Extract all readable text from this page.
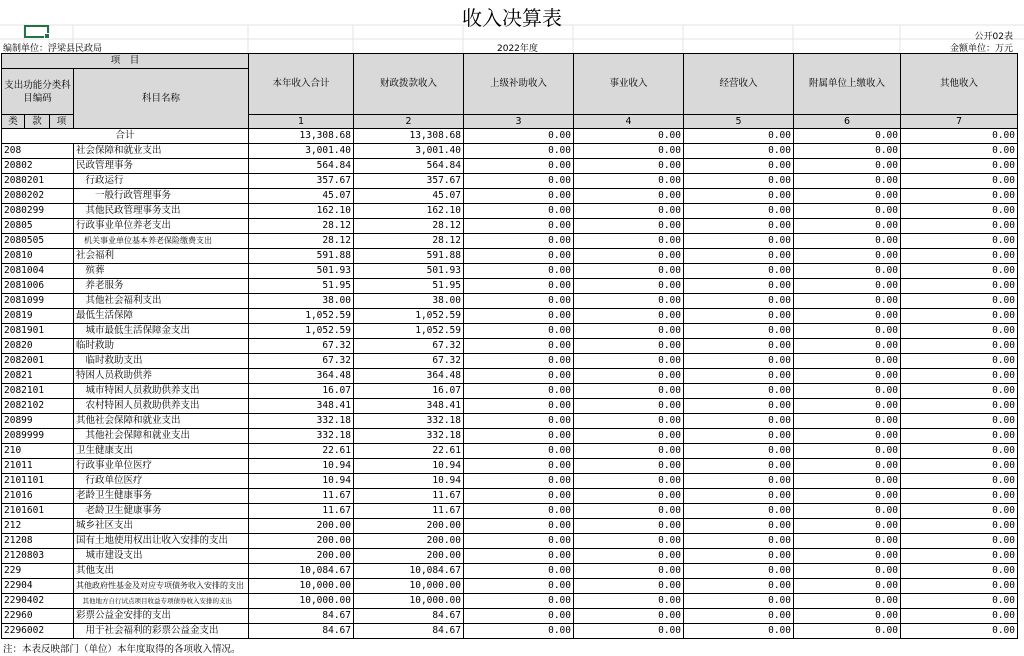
收入决算表
公开02表
编制单位：浮梁县民政局	2022年度	金额单位：万元
项　目				本年收入合计	财政拨款收入	上级补助收入	事业收入	经营收入	附属单位上缴收入	其他收入
支出功能分类科目编码			科目名称							
类	款	项		1	2	3	4	5	6	7
合计				13,308.68	13,308.68	0.00	0.00	0.00	0.00	0.00
208			社会保障和就业支出	3,001.40	3,001.40	0.00	0.00	0.00	0.00	0.00
20802			民政管理事务	564.84	564.84	0.00	0.00	0.00	0.00	0.00
2080201			　行政运行	357.67	357.67	0.00	0.00	0.00	0.00	0.00
2080202			　　一般行政管理事务	45.07	45.07	0.00	0.00	0.00	0.00	0.00
2080299			　其他民政管理事务支出	162.10	162.10	0.00	0.00	0.00	0.00	0.00
20805			行政事业单位养老支出	28.12	28.12	0.00	0.00	0.00	0.00	0.00
2080505			　机关事业单位基本养老保险缴费支出	28.12	28.12	0.00	0.00	0.00	0.00	0.00
20810			社会福利	591.88	591.88	0.00	0.00	0.00	0.00	0.00
2081004			　殡葬	501.93	501.93	0.00	0.00	0.00	0.00	0.00
2081006			　养老服务	51.95	51.95	0.00	0.00	0.00	0.00	0.00
2081099			　其他社会福利支出	38.00	38.00	0.00	0.00	0.00	0.00	0.00
20819			最低生活保障	1,052.59	1,052.59	0.00	0.00	0.00	0.00	0.00
2081901			　城市最低生活保障金支出	1,052.59	1,052.59	0.00	0.00	0.00	0.00	0.00
20820			临时救助	67.32	67.32	0.00	0.00	0.00	0.00	0.00
2082001			　临时救助支出	67.32	67.32	0.00	0.00	0.00	0.00	0.00
20821			特困人员救助供养	364.48	364.48	0.00	0.00	0.00	0.00	0.00
2082101			　城市特困人员救助供养支出	16.07	16.07	0.00	0.00	0.00	0.00	0.00
2082102			　农村特困人员救助供养支出	348.41	348.41	0.00	0.00	0.00	0.00	0.00
20899			其他社会保障和就业支出	332.18	332.18	0.00	0.00	0.00	0.00	0.00
2089999			　其他社会保障和就业支出	332.18	332.18	0.00	0.00	0.00	0.00	0.00
210			卫生健康支出	22.61	22.61	0.00	0.00	0.00	0.00	0.00
21011			行政事业单位医疗	10.94	10.94	0.00	0.00	0.00	0.00	0.00
2101101			　行政单位医疗	10.94	10.94	0.00	0.00	0.00	0.00	0.00
21016			老龄卫生健康事务	11.67	11.67	0.00	0.00	0.00	0.00	0.00
2101601			　老龄卫生健康事务	11.67	11.67	0.00	0.00	0.00	0.00	0.00
212			城乡社区支出	200.00	200.00	0.00	0.00	0.00	0.00	0.00
21208			国有土地使用权出让收入安排的支出	200.00	200.00	0.00	0.00	0.00	0.00	0.00
2120803			　城市建设支出	200.00	200.00	0.00	0.00	0.00	0.00	0.00
229			其他支出	10,084.67	10,084.67	0.00	0.00	0.00	0.00	0.00
22904			其他政府性基金及对应专项债务收入安排的支出	10,000.00	10,000.00	0.00	0.00	0.00	0.00	0.00
2290402			　其他地方自行试点项目收益专项债券收入安排的支出	10,000.00	10,000.00	0.00	0.00	0.00	0.00	0.00
22960			彩票公益金安排的支出	84.67	84.67	0.00	0.00	0.00	0.00	0.00
2296002			　用于社会福利的彩票公益金支出	84.67	84.67	0.00	0.00	0.00	0.00	0.00
注：本表反映部门（单位）本年度取得的各项收入情况。
